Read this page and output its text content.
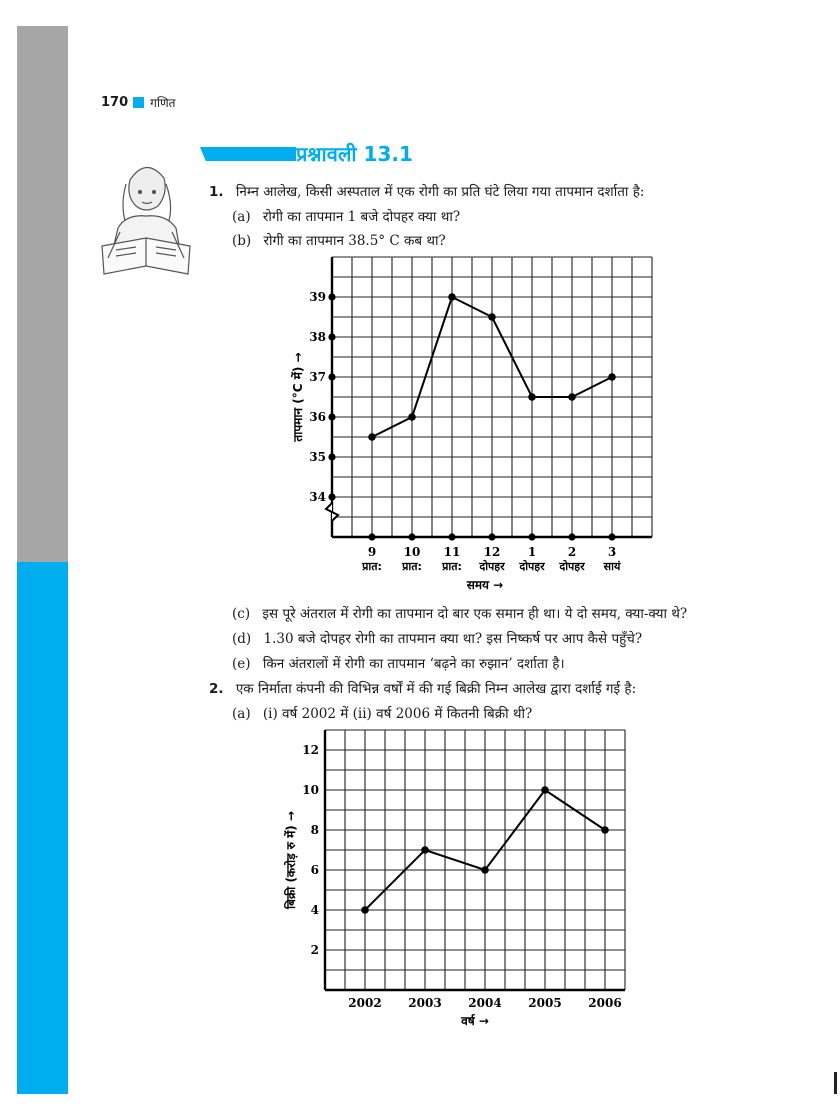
170 गणित
प्रश्नावली 13.1
1. निम्न आलेख, किसी अस्पताल में एक रोगी का प्रति घंटे लिया गया तापमान दर्शाता है:
(a) रोगी का तापमान 1 बजे दोपहर क्या था?
(b) रोगी का तापमान 38.5° C कब था?
34
35
36
37
38
39
9
प्रात:
10
प्रात:
11
प्रात:
12
दोपहर
1
दोपहर
2
दोपहर
3
सायं
समय →
तापमान (°C में) →
(c) इस पूरे अंतराल में रोगी का तापमान दो बार एक समान ही था। ये दो समय, क्या-क्या थे?
(d) 1.30 बजे दोपहर रोगी का तापमान क्या था? इस निष्कर्ष पर आप कैसे पहुँचे?
(e) किन अंतरालों में रोगी का तापमान ‘बढ़ने का रुझान’ दर्शाता है।
2. एक निर्माता कंपनी की विभिन्न वर्षों में की गई बिक्री निम्न आलेख द्वारा दर्शाई गई है:
(a) (i) वर्ष 2002 में (ii) वर्ष 2006 में कितनी बिक्री थी?
2
4
6
8
10
12
2002 2003 2004 2005 2006
वर्ष →
बिक्री (करोड़ रु में) →
